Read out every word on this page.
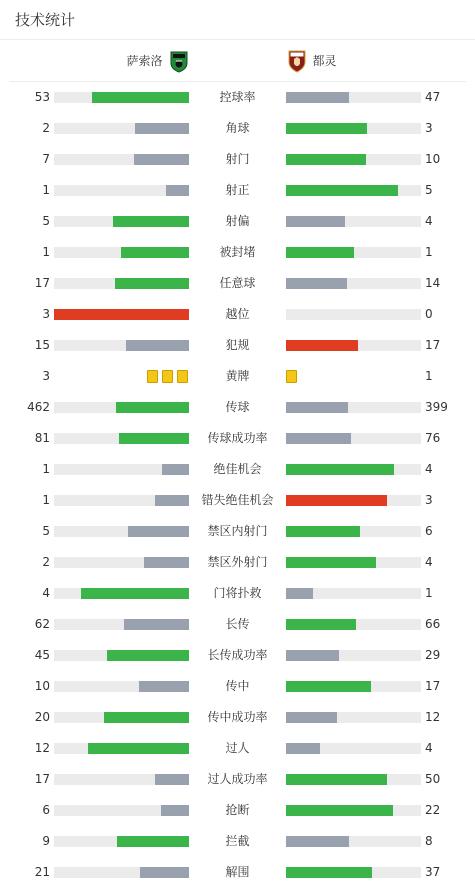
技术统计
萨索洛	都灵
53	控球率	47
2	角球	3
7	射门	10
1	射正	5
5	射偏	4
1	被封堵	1
17	任意球	14
3	越位	0
15	犯规	17
3	黄牌	1
462	传球	399
81	传球成功率	76
1	绝佳机会	4
1	错失绝佳机会	3
5	禁区内射门	6
2	禁区外射门	4
4	门将扑救	1
62	长传	66
45	长传成功率	29
10	传中	17
20	传中成功率	12
12	过人	4
17	过人成功率	50
6	抢断	22
9	拦截	8
21	解围	37
